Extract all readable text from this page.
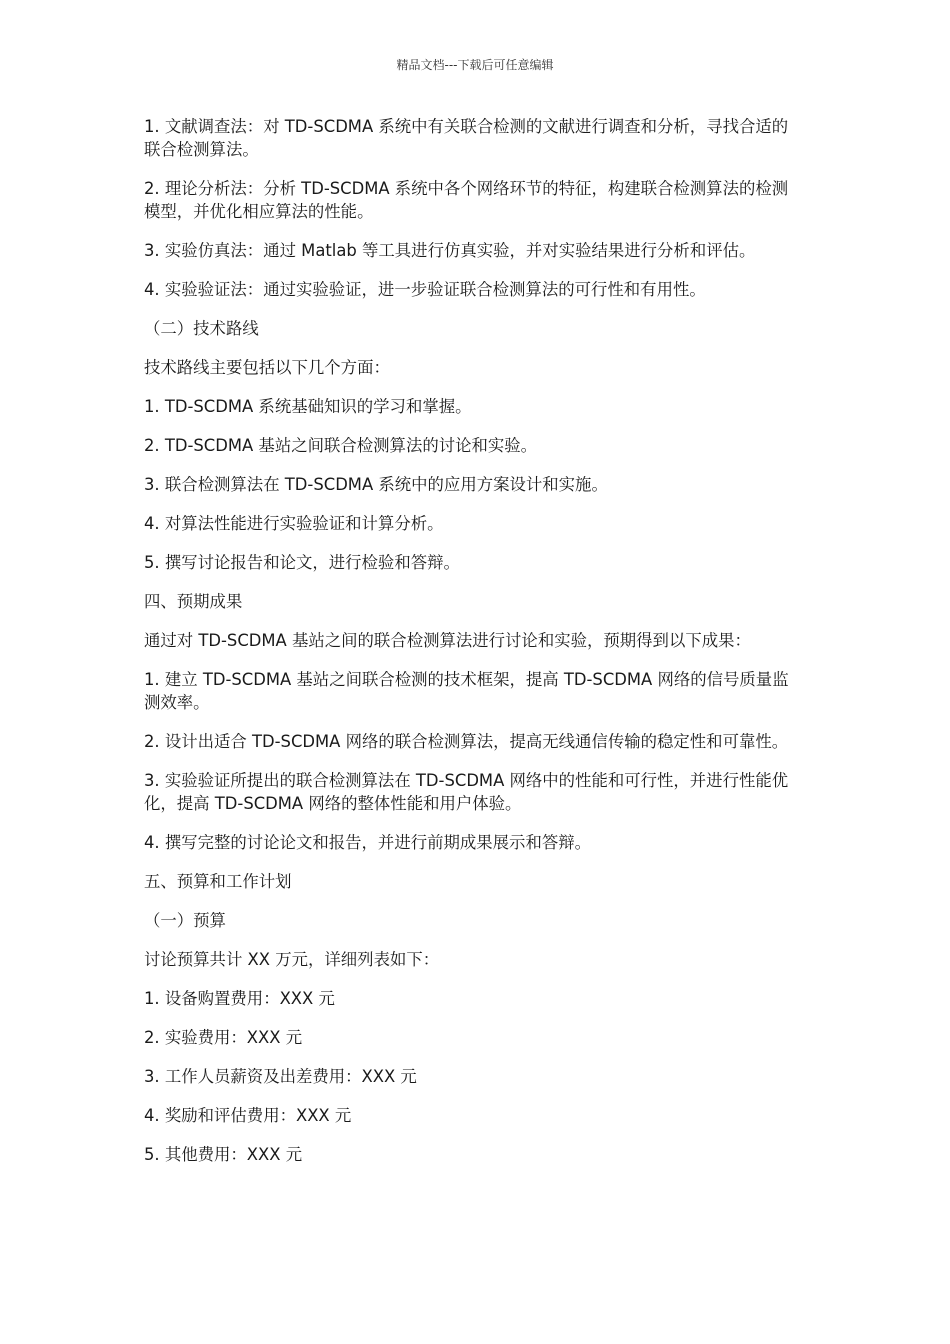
精品文档---下载后可任意编辑

1. 文献调查法：对 TD-SCDMA 系统中有关联合检测的文献进行调查和分析，寻找合适的联合检测算法。

2. 理论分析法：分析 TD-SCDMA 系统中各个网络环节的特征，构建联合检测算法的检测模型，并优化相应算法的性能。

3. 实验仿真法：通过 Matlab 等工具进行仿真实验，并对实验结果进行分析和评估。

4. 实验验证法：通过实验验证，进一步验证联合检测算法的可行性和有用性。

（二）技术路线

技术路线主要包括以下几个方面：

1. TD-SCDMA 系统基础知识的学习和掌握。

2. TD-SCDMA 基站之间联合检测算法的讨论和实验。

3. 联合检测算法在 TD-SCDMA 系统中的应用方案设计和实施。

4. 对算法性能进行实验验证和计算分析。

5. 撰写讨论报告和论文，进行检验和答辩。

四、预期成果

通过对 TD-SCDMA 基站之间的联合检测算法进行讨论和实验，预期得到以下成果：

1. 建立 TD-SCDMA 基站之间联合检测的技术框架，提高 TD-SCDMA 网络的信号质量监测效率。

2. 设计出适合 TD-SCDMA 网络的联合检测算法，提高无线通信传输的稳定性和可靠性。

3. 实验验证所提出的联合检测算法在 TD-SCDMA 网络中的性能和可行性，并进行性能优化，提高 TD-SCDMA 网络的整体性能和用户体验。

4. 撰写完整的讨论论文和报告，并进行前期成果展示和答辩。

五、预算和工作计划

（一）预算

讨论预算共计 XX 万元，详细列表如下：

1. 设备购置费用：XXX 元

2. 实验费用：XXX 元

3. 工作人员薪资及出差费用：XXX 元

4. 奖励和评估费用：XXX 元

5. 其他费用：XXX 元
